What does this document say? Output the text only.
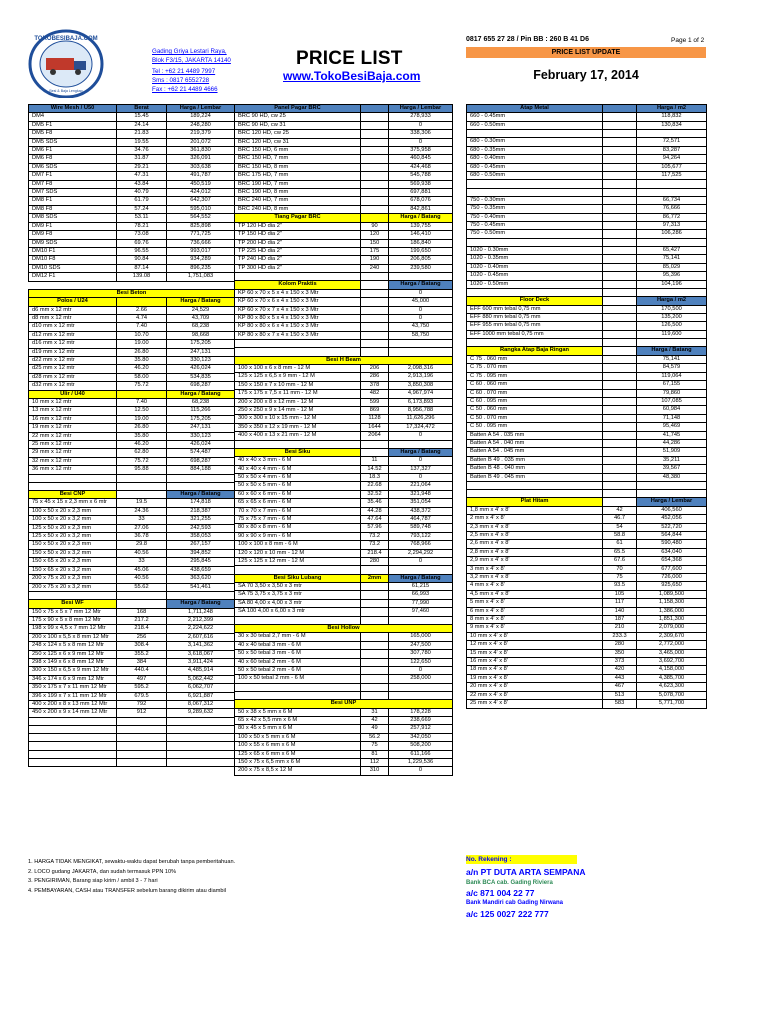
TOKOBESIBAJA.COM
Besi & Baja Lengkap
Gading Griya Lestari Raya,
Blok F3/15, JAKARTA 14140
Tel : +62 21 4489 7997
Sms : 0817 6552728
Fax : +62 21 4489 4666
PRICE LIST
www.TokoBesiBaja.com
0817 655 27 28 / Pin BB : 260 B 41 D6	Page 1 of 2
PRICE LIST UPDATE
February 17, 2014
Wire Mesh / U50	Berat	Harga / Lembar
DM4	15.45	189,224
DM5 F1	24.14	248,280
DM5 F8	21.83	219,379
DM5 SDS	19.55	201,072
DM6 F1	34.76	361,830
DM6 F8	31.87	326,091
DM6 SDS	29.21	303,638
DM7 F1	47.31	491,787
DM7 F8	43.84	450,519
DM7 SDS	40.79	424,012
DM8 F1	61.79	642,307
DM8 F8	57.24	595,010
DM8 SDS	53.11	564,552
DM9 F1	78.21	825,898
DM9 F8	73.08	771,725
DM9 SDS	69.76	736,666
DM10 F1	96.55	993,017
DM10 F8	90.84	934,289
DM10 SDS	87.14	896,235
DM12 F1	139.08	1,751,083

Besi Beton		
Polos / U24		Harga / Batang
d6 mm x 12 mtr	2.66	24,529
d8 mm x 12 mtr	4.74	43,709
d10 mm x 12 mtr	7.40	68,238
d12 mm x 12 mtr	10.70	98,668
d16 mm x 12 mtr	19.00	175,205
d19 mm x 12 mtr	26.80	247,131
d22 mm x 12 mtr	35.80	330,123
d25 mm x 12 mtr	46.20	426,024
d28 mm x 12 mtr	58.00	534,835
d32 mm x 12 mtr	75.72	698,287
Ulir / U40		Harga / Batang
10 mm x 12 mtr	7.40	68,238
13 mm x 12 mtr	12.50	115,266
16 mm x 12 mtr	19.00	175,205
19 mm x 12 mtr	26.80	247,131
22 mm x 12 mtr	35.80	330,123
25 mm x 12 mtr	46.20	426,024
29 mm x 12 mtr	62.80	574,487
32 mm x 12 mtr	75.72	698,287
36 mm x 12 mtr	95.88	884,188

Besi CNP		Harga / Batang
75 x 45 x 15 x 2,3 mm x 6 mtr	19.5	174,818
100 x 50 x 20 x 2,3 mm	24.36	218,387
100 x 50 x 20 x 3,2 mm	33	321,255
125 x 50 x 20 x 2,3 mm	27.06	242,593
125 x 50 x 20 x 3,2 mm	36.78	358,053
150 x 50 x 20 x 2,3 mm	29.8	267,157
150 x 50 x 20 x 3,2 mm	40.56	394,852
150 x 65 x 20 x 2,3 mm	33	295,845
150 x 65 x 20 x 3,2 mm	45.06	438,659
200 x 75 x 20 x 2,3 mm	40.56	363,620
200 x 75 x 20 x 3,2 mm	55.62	541,461

Besi WF		Harga / Batang
150 x 75 x 5 x 7 mm 12 Mtr	168	1,711,248
175 x 90 x 5 x 8 mm 12 Mtr	217.2	2,212,399
198 x 99 x 4,5 x 7 mm 12 Mtr	218.4	2,224,622
200 x 100 x 5,5 x 8 mm 12 Mtr	256	2,607,616
248 x 124 x 5 x 8 mm 12 Mtr	308.4	3,141,362
250 x 125 x 6 x 9 mm 12 Mtr	355.2	3,618,067
298 x 149 x 6 x 8 mm 12 Mtr	384	3,911,424
300 x 150 x 6,5 x 9 mm 12 Mtr	440.4	4,485,914
346 x 174 x 6 x 9 mm 12 Mtr	497	5,062,442
350 x 175 x 7 x 11 mm 12 Mtr	595.2	6,062,707
396 x 199 x 7 x 11 mm 12 Mtr	679.5	6,921,887
400 x 200 x 8 x 13 mm 12 Mtr	792	8,067,312
450 x 200 x 9 x 14 mm 12 Mtr	912	9,289,632

Panel Pagar BRC		Harga / Lembar
BRC 90 HD, cw 25		278,933
BRC 90 HD, cw 31		0
BRC 120 HD, cw 25		338,306
BRC 120 HD, cw 31		0
BRC 150 HD, 6 mm		375,958
BRC 150 HD, 7 mm		460,845
BRC 150 HD, 8 mm		424,468
BRC 175 HD, 7 mm		545,788
BRC 190 HD, 7 mm		569,938
BRC 190 HD, 8 mm		697,881
BRC 240 HD, 7 mm		678,076
BRC 240 HD, 8 mm		842,861
Tiang Pagar BRC		Harga / Batang
TP 120 HD dia 2"	90	139,755
TP 150 HD dia 2"	120	146,410
TP 200 HD dia 2"	150	186,840
TP 225 HD dia 2"	175	199,650
TP 240 HD dia 2"	190	206,805
TP 300 HD dia 2"	240	239,580

Kolom Praktis		Harga / Batang
KP 60 x 70 x 5 x 4 x 150 x 3 Mtr		0
KP 60 x 70 x 6 x 4 x 150 x 3 Mtr		45,000
KP 60 x 70 x 7 x 4 x 150 x 3 Mtr		0
KP 80 x 80 x 5 x 4 x 150 x 3 Mtr		0
KP 80 x 80 x 6 x 4 x 150 x 3 Mtr		43,750
KP 80 x 80 x 7 x 4 x 150 x 3 Mtr		58,750

Besi H Beam		
100 x 100 x 6 x 8 mm - 12 M	206	2,098,316
125 x 125 x 6,5 x 9 mm - 12 M	286	2,913,196
150 x 150 x 7 x 10 mm - 12 M	378	3,850,308
175 x 175 x 7,5 x 11 mm - 12 M	482	4,967,974
200 x 200 x 8 x 12 mm - 12 M	599	6,173,893
250 x 250 x 9 x 14 mm - 12 M	869	8,956,788
300 x 300 x 10 x 15 mm - 12 M	1128	11,626,296
350 x 350 x 12 x 19 mm - 12 M	1644	17,324,472
400 x 400 x 13 x 21 mm - 12 M	2064	0

Besi Siku		Harga / Batang
40 x 40 x 3 mm - 6 M	11	0
40 x 40 x 4 mm - 6 M	14.52	137,327
50 x 50 x 4 mm - 6 M	18.3	0
50 x 50 x 5 mm - 6 M	22.68	221,064
60 x 60 x 6 mm - 6 M	32.52	321,948
65 x 65 x 6 mm - 6 M	35.46	351,054
70 x 70 x 7 mm - 6 M	44.28	438,372
75 x 75 x 7 mm - 6 M	47.64	464,787
80 x 80 x 8 mm - 6 M	57.96	589,748
90 x 90 x 9 mm - 6 M	73.2	793,122
100 x 100 x 8 mm - 6 M	73.2	768,966
120 x 120 x 10 mm - 12 M	218.4	2,294,292
125 x 125 x 12 mm - 12 M	280	0

Besi Siku Lubang	2mm	Harga / Batang
SA 70 3,50 x 3,50 x 3 mtr		61,215
SA 75 3,75 x 3,75 x 3 mtr		66,993
SA 80 4,00 x 4,00 x 3 mtr		77,990
SA 100 4,00 x 6,00 x 3 mtr		97,460

Besi Hollow		
30 x 30 tebal 2,7 mm - 6 M		165,000
40 x 40 tebal 3 mm - 6 M		247,500
50 x 50 tebal 3 mm - 6 M		307,780
40 x 60 tebal 2 mm - 6 M		122,650
50 x 50 tebal 2 mm - 6 M		0
100 x 50 tebal 2 mm - 6 M		258,000

Besi UNP		
50 x 38 x 5 mm x 6 M	31	178,228
65 x 42 x 5,5 mm x 6 M	42	238,669
80 x 45 x 5 mm x 6 M	49	257,912
100 x 50 x 5 mm x 6 M	56.2	342,050
100 x 55 x 6 mm x 6 M	75	508,200
125 x 65 x 6 mm x 6 M	81	611,166
150 x 75 x 6,5 mm x 6 M	112	1,229,536
200 x 75 x 8,5 x 12 M	310	0
Atap Metal		Harga / m2
660 - 0.45mm		118,832
660 - 0.50mm		130,834

680 - 0.30mm		72,571
680 - 0.35mm		83,287
680 - 0.40mm		94,264
680 - 0.45mm		105,677
680 - 0.50mm		117,525

750 - 0.30mm		66,734
750 - 0.35mm		76,666
750 - 0.40mm		86,772
750 - 0.45mm		97,313
750 - 0.50mm		106,286

1020 - 0.30mm		65,427
1020 - 0.35mm		75,141
1020 - 0.40mm		85,029
1020 - 0.45mm		95,396
1020 - 0.50mm		104,196

Floor Deck		Harga / m2
EFF 600 mm tebal 0,75 mm		170,500
EFF 880 mm tebal 0,75 mm		135,200
EFF 955 mm tebal 0,75 mm		126,500
EFF 1000 mm tebal 0,75 mm		119,600

Rangka Atap Baja Ringan		Harga / Batang
C 75 . 060 mm		75,141
C 75 . 070 mm		84,579
C 75 . 095 mm		119,064
C 60 . 060 mm		67,155
C 60 . 070 mm		79,860
C 60 . 095 mm		107,085
C 50 . 060 mm		60,984
C 50 . 070 mm		71,148
C 50 . 095 mm		95,469
Batten A 54 . 035 mm		41,745
Batten A 54 . 040 mm		44,286
Batten A 54 . 045 mm		51,909
Batten B 49 . 035 mm		35,211
Batten B 48 . 040 mm		39,567
Batten B 49 . 045 mm		48,380

Plat Hitam		Harga / Lembar
1,8 mm x 4' x 8'	42	406,560
2 mm x 4' x 8'	46.7	452,056
2,3 mm x 4' x 8'	54	522,720
2,5 mm x 4' x 8'	58.8	564,844
2,6 mm x 4' x 8'	61	590,480
2,8 mm x 4' x 8'	65.5	634,040
2,9 mm x 4' x 8'	67.6	654,368
3 mm x 4' x 8'	70	677,600
3,2 mm x 4' x 8'	75	726,000
4 mm x 4' x 8'	93.5	925,650
4,5 mm x 4' x 8'	105	1,089,500
5 mm x 4' x 8'	117	1,158,300
6 mm x 4' x 8'	140	1,386,000
8 mm x 4' x 8'	187	1,851,300
9 mm x 4' x 8'	210	2,079,000
10 mm x 4' x 8'	233.3	2,309,670
12 mm x 4' x 8'	280	2,772,000
15 mm x 4' x 8'	350	3,465,000
16 mm x 4' x 8'	373	3,692,700
18 mm x 4' x 8'	420	4,158,000
19 mm x 4' x 8'	443	4,385,700
20 mm x 4' x 8'	467	4,623,300
22 mm x 4' x 8'	513	5,078,700
25 mm x 4' x 8'	583	5,771,700
1. HARGA TIDAK MENGIKAT, sewaktu-waktu dapat berubah tanpa pemberitahuan.
2. LOCO gudang JAKARTA, dan sudah termasuk PPN 10%
3. PENGIRIMAN, Barang siap kirim / ambil 3 - 7 hari
4. PEMBAYARAN, CASH atau TRANSFER sebelum barang dikirim atau diambil
No. Rekening :
a/n PT DUTA ARTA SEMPANA
Bank BCA cab. Gading Riviera
a/c 871 004 22 77
Bank Mandiri cab Gading Nirwana
a/c 125 0027 222 777
